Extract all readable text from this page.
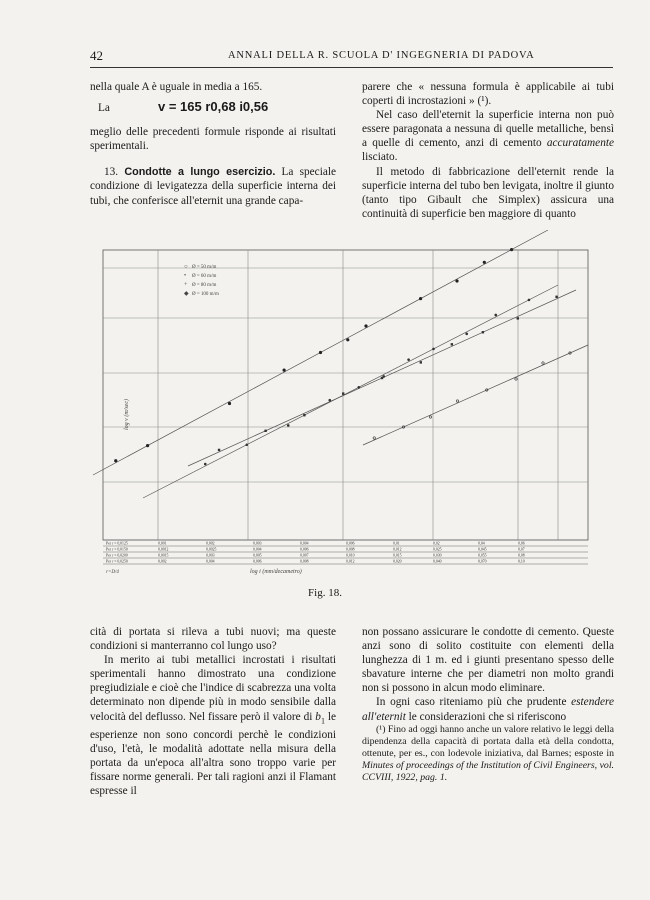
42	ANNALI DELLA R. SCUOLA D' INGEGNERIA DI PADOVA

nella quale A è uguale in media a 165.

La	v = 165 r0,68 i0,56

meglio delle precedenti formule risponde ai risultati sperimentali.

13. Condotte a lungo esercizio. La speciale condizione di levigatezza della superficie interna dei tubi, che conferisce all'eternit una grande capa-

parere che « nessuna formula è applicabile ai tubi coperti di incrostazioni » (¹).

Nel caso dell'eternit la superficie interna non può essere paragonata a nessuna di quelle metalliche, bensì a quelle di cemento, anzi di cemento accuratamente lisciato.

Il metodo di fabbricazione dell'eternit rende la superficie interna del tubo ben levigata, inoltre il giunto (tanto tipo Gibault che Simplex) assicura una continuità di superficie ben maggiore di quanto

○ Ø = 50 m/m
• Ø = 60 m/m
+ Ø = 80 m/m
◆ Ø = 100 m/m
log v (m/sec)
Per r = 0,0125	0,001	0,002	0,003	0,004	0,006	0,01	0,02	0,04	0,06
Per r = 0,0150	0,0012	0,0025	0,004	0,006	0,008	0,012	0,025	0,045	0,07
Per r = 0,0200	0,0015	0,003	0,005	0,007	0,010	0,015	0,030	0,055	0,08
Per r = 0,0250	0,002	0,004	0,006	0,008	0,012	0,020	0,040	0,070	0,10
log i (mm/decametro)
r=D/4
Fig. 18.

cità di portata si rileva a tubi nuovi; ma queste condizioni si manterranno col lungo uso?

In merito ai tubi metallici incrostati i risultati sperimentali hanno dimostrato una condizione pregiudiziale e cioè che l'indice di scabrezza una volta determinato non dipende più in modo sensibile dalla velocità del deflusso. Nel fissare però il valore di $b_1$ le esperienze non sono concordi perchè le condizioni d'uso, l'età, le modalità adottate nella misura della portata da un'epoca all'altra sono troppo varie per fissare norme generali. Per tali ragioni anzi il Flamant espresse il

non possano assicurare le condotte di cemento. Queste anzi sono di solito costituite con elementi della lunghezza di 1 m. ed i giunti presentano spesso delle sbavature interne che per diametri non molto grandi non si possono in alcun modo eliminare.

In ogni caso riteniamo più che prudente estendere all'eternit le considerazioni che si riferiscono

(¹) Fino ad oggi hanno anche un valore relativo le leggi della dipendenza della capacità di portata dalla età della condotta, ottenute, per es., con lodevole iniziativa, dal Barnes; esposte in Minutes of proceedings of the Institution of Civil Engineers, vol. CCVIII, 1922, pag. 1.
